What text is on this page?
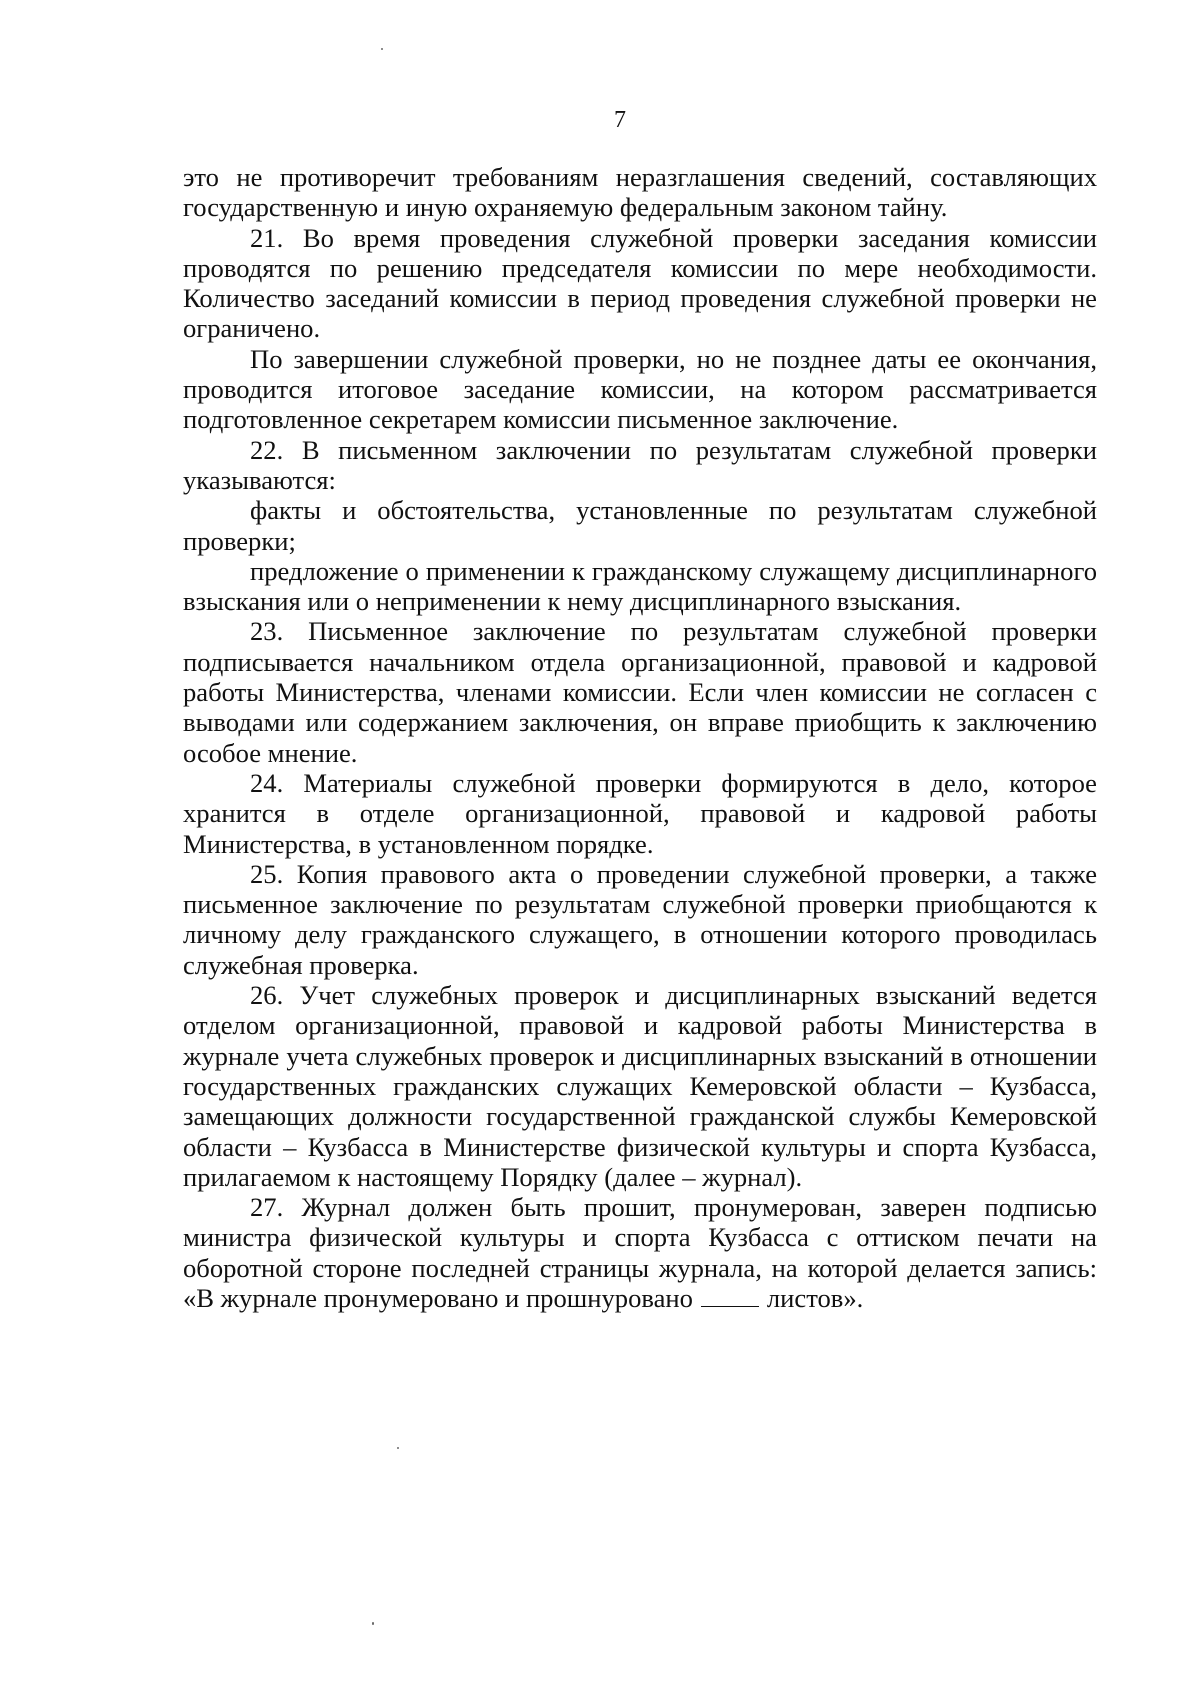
7

это не противоречит требованиям неразглашения сведений, составляющих государственную и иную охраняемую федеральным законом тайну.

21. Во время проведения служебной проверки заседания комиссии проводятся по решению председателя комиссии по мере необходимости. Количество заседаний комиссии в период проведения служебной проверки не ограничено.

По завершении служебной проверки, но не позднее даты ее окончания, проводится итоговое заседание комиссии, на котором рассматривается подготовленное секретарем комиссии письменное заключение.

22. В письменном заключении по результатам служебной проверки указываются:

факты и обстоятельства, установленные по результатам служебной проверки;

предложение о применении к гражданскому служащему дисциплинарного взыскания или о неприменении к нему дисциплинарного взыскания.

23. Письменное заключение по результатам служебной проверки подписывается начальником отдела организационной, правовой и кадровой работы Министерства, членами комиссии. Если член комиссии не согласен с выводами или содержанием заключения, он вправе приобщить к заключению особое мнение.

24. Материалы служебной проверки формируются в дело, которое хранится в отделе организационной, правовой и кадровой работы Министерства, в установленном порядке.

25. Копия правового акта о проведении служебной проверки, а также письменное заключение по результатам служебной проверки приобщаются к личному делу гражданского служащего, в отношении которого проводилась служебная проверка.

26. Учет служебных проверок и дисциплинарных взысканий ведется отделом организационной, правовой и кадровой работы Министерства в журнале учета служебных проверок и дисциплинарных взысканий в отношении государственных гражданских служащих Кемеровской области – Кузбасса, замещающих должности государственной гражданской службы Кемеровской области – Кузбасса в Министерстве физической культуры и спорта Кузбасса, прилагаемом к настоящему Порядку (далее – журнал).

27. Журнал должен быть прошит, пронумерован, заверен подписью министра физической культуры и спорта Кузбасса с оттиском печати на оборотной стороне последней страницы журнала, на которой делается запись: «В журнале пронумеровано и прошнуровано	листов».
